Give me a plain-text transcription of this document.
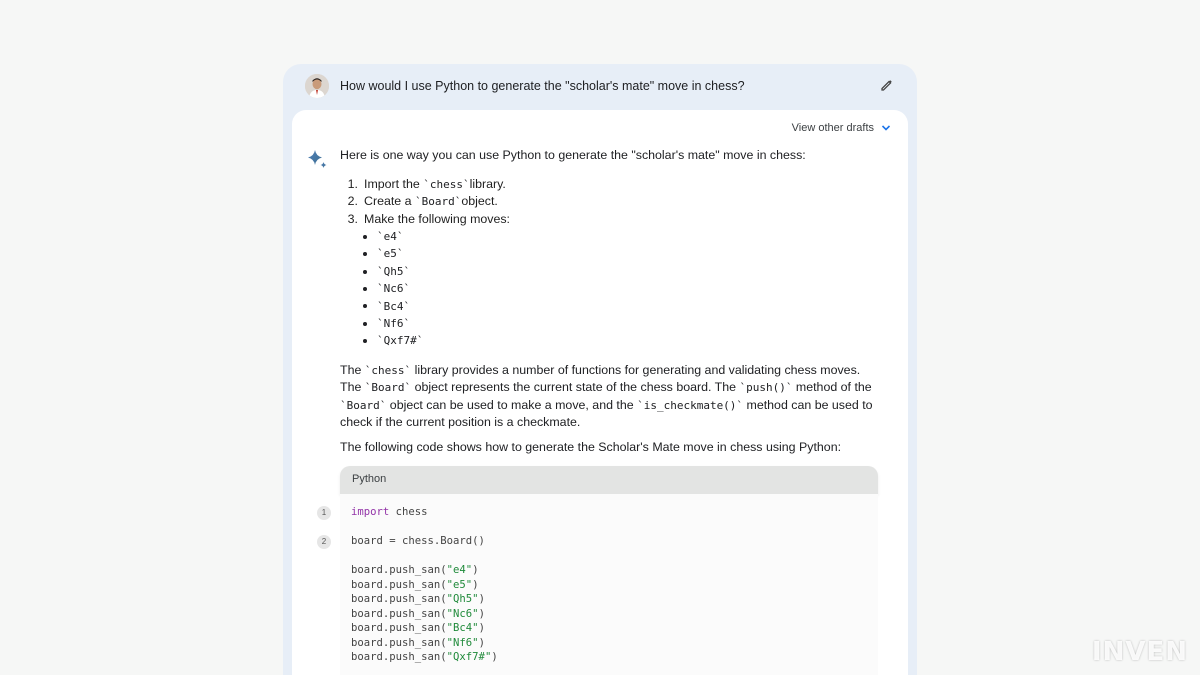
How would I use Python to generate the "scholar's mate" move in chess?
View other drafts
Here is one way you can use Python to generate the "scholar's mate" move in chess:
1. Import the
`chess` library.
2. Create a
`Board` object.
3. Make the following moves:
`e4`
`e5`
`Qh5`
`Nc6`
`Bc4`
`Nf6`
`Qxf7#`
The `chess` library provides a number of functions for generating and validating chess moves.
The `Board` object represents the current state of the chess board. The `push()` method of the
`Board` object can be used to make a move, and the `is_checkmate()` method can be used to
check if the current position is a checkmate.
The following code shows how to generate the Scholar's Mate move in chess using Python:
Python
1	import chess
2	board = chess.Board()
board.push_san("e4")
board.push_san("e5")
board.push_san("Qh5")
board.push_san("Nc6")
board.push_san("Bc4")
board.push_san("Nf6")
board.push_san("Qxf7#")	INVEN
